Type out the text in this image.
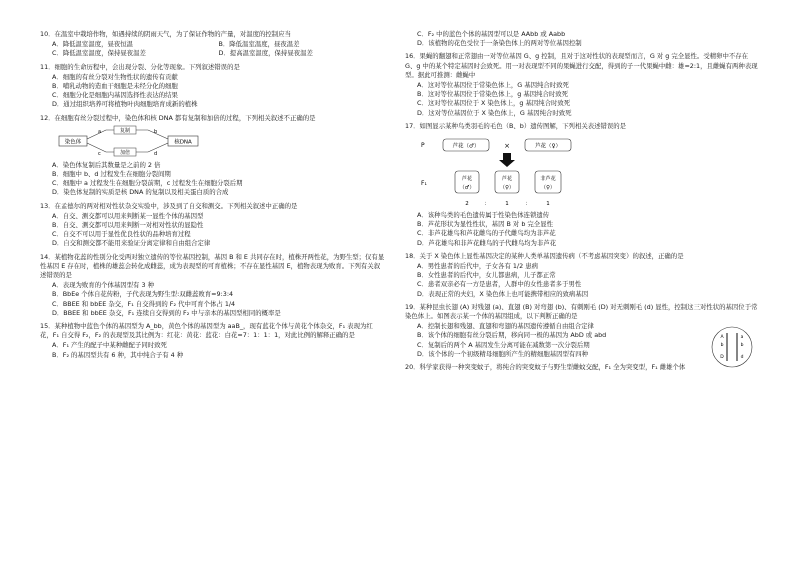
10．在温室中栽培作物，如遇持续的阴雨天气，为了保证作物的产量，对温度的控制应当
A．降低温室温度，昼夜恒温	B．降低温室温度，昼夜温差
C．降低温室温度，保持昼夜温差	D．提高温室温度，保持昼夜温差
11．细胞的生命历程中，会出现分裂、分化等现象。下列叙述错误的是
A．细胞的有丝分裂对生物性状的遗传有贡献
B．哺乳动物的造血干细胞是未经分化的细胞
C．细胞分化是细胞内基因选择性表达的结果
D．通过组织培养可将植物叶肉细胞培育成新的植株
12．在细胞有丝分裂过程中，染色体和核 DNA 都有复制和加倍的过程，下列相关叙述不正确的是
染色体	核DNA
复制
加倍
a	b
c	d
A．染色体复制后其数量是之前的 2 倍
B．细胞中 b、d 过程发生在细胞分裂间期
C．细胞中 a 过程发生在细胞分裂前期，c 过程发生在细胞分裂后期
D．染色体复制的实质是核 DNA 的复制以及相关蛋白质的合成
13．在孟德尔的两对相对性状杂交实验中，涉及到了自交和测交。下列相关叙述中正确的是
A．自交、测交都可以用来判断某一显性个体的基因型
B．自交、测交都可以用来判断一对相对性状的显隐性
C．自交不可以用于显性优良性状的品种培育过程
D．自交和测交都不能用来验证分离定律和自由组合定律
14．某植物花蕊的性别分化受两对独立遗传的等位基因控制，基因 B 和 E 共同存在时，植株开两性花，为野生型；仅有显性基因 E 存在时，植株的雄蕊会转化成雌蕊，成为表现型的可育植株；不存在显性基因 E，植物表现为败育。下列有关叙述错误的是
A．表现为败育的个体基因型有 3 种
B．BbEe 个体自花传粉，子代表现为野生型:双雌蕊败育=9:3:4
C．BBEE 和 bbEE 杂交，F₁ 自交得到的 F₂ 代中可育个体占 1/4
D．BBEE 和 bbEE 杂交，F₁ 连续自交得到的 F₂ 中与亲本的基因型相同的概率是
15．某种植物中蓝色个体的基因型为 A_bb，黄色个体的基因型为 aaB_，现有蓝花个体与黄花个体杂交，F₁ 表现为红花，F₁ 自交得 F₂，F₂ 的表现型及其比例为：红花：黄花：蓝花：白花=7：1：1：1，对此比例的解释正确的是
A．F₁ 产生的配子中某种雌配子同时致死
B．F₂ 的基因型共有 6 种，其中纯合子有 4 种
C．F₂ 中的蓝色个体的基因型可以是 AAbb 或 Aabb
D．该植物的花色受位于一条染色体上的两对等位基因控制
16．果蝇的翻翅和正常翅由一对等位基因 G、g 控制，且对于这对性状的表现型而言，G 对 g 完全显性。受精卵中不存在 G、g 中的某个特定基因时会致死。用一对表现型不同的果蝇进行交配，得到的子一代果蝇中雌：雄=2:1，且雌蝇有两种表现型。据此可推测：雌蝇中
A．这对等位基因位于常染色体上，G 基因纯合时致死
B．这对等位基因位于常染色体上，g 基因纯合时致死
C．这对等位基因位于 X 染色体上，g 基因纯合时致死
D．这对等位基因位于 X 染色体上，G 基因纯合时致死
17．如图显示某种鸟类羽毛的毛色（B、b）遗传图解，下列相关表述错误的是
P	芦花（♂）	×	芦花（♀）
F₁
芦花
（♂）
芦花
（♀）
非芦花
（♀）
2	：	1	：	1
A．该种鸟类的毛色遗传属于性染色体连锁遗传
B．芦花形状为显性性状，基因 B 对 b 完全显性
C．非芦花雄鸟和芦花雌鸟的子代雌鸟均为非芦花
D．芦花雄鸟和非芦花雌鸟的子代雌鸟均为非芦花
18．关于 X 染色体上显性基因决定的某种人类单基因遗传病（不考虑基因突变）的叙述，正确的是
A．男性患者的后代中，子女各有 1/2 患病
B．女性患者的后代中，女儿都患病，儿子都正常
C．患者双亲必有一方是患者，人群中的女性患者多于男性
D．表现正常的夫妇，X 染色体上也可能携带相应的致病基因
19．某种昆虫长翅 (A) 对残翅 (a)、直翅 (B) 对弯翅 (b)、有刺刚毛 (D) 对无刺刚毛 (d) 显性，控制这三对性状的基因位于常染色体上。如图表示某一个体的基因组成，以下判断正确的是
A．控制长翅和残翅、直翅和弯翅的基因遗传遵循自由组合定律
B．该个体的细胞有丝分裂后期，移向同一极的基因为 AbD 或 abd
C．复制后的两个 A 基因发生分离可能在减数第一次分裂后期
D．该个体的一个初级精母细胞所产生的精细胞基因型有四种
A	a
b	b
D	d
20．科学家获得一种突变蚊子，将纯合的突变蚊子与野生型雌蚊交配，F₁ 全为突变型，F₁ 雌雄个体
